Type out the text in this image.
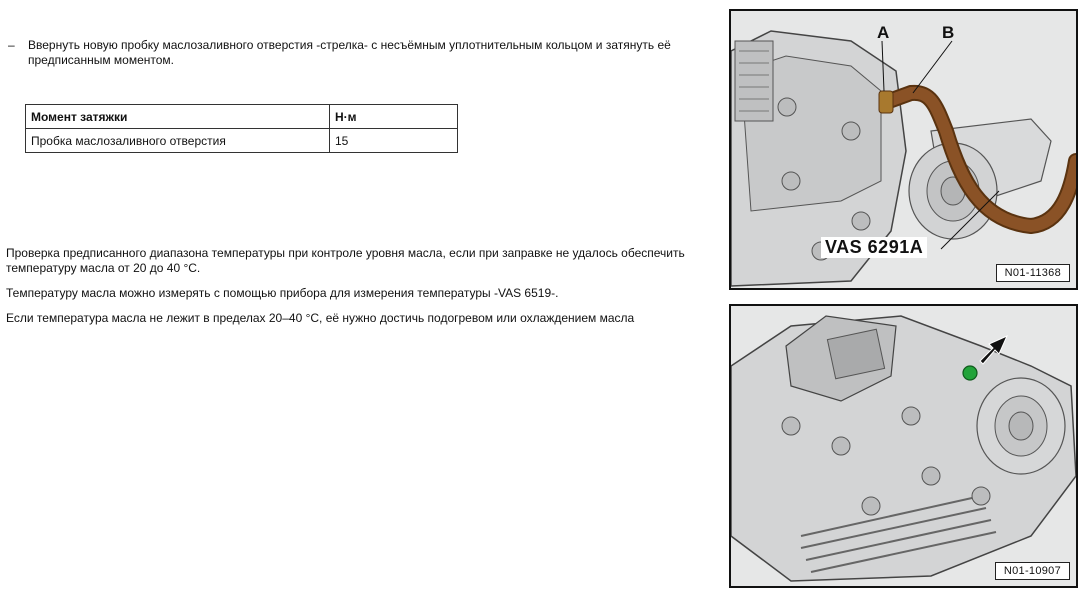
–	Ввернуть новую пробку маслозаливного отверстия -стрелка- с несъёмным уплотнительным кольцом и затянуть её предписанным моментом.
Момент затяжки	Н·м
Пробка маслозаливного отверстия	15
Проверка предписанного диапазона температуры при контроле уровня масла, если при заправке не удалось обеспечить температуру масла от 20 до 40 °С.
Температуру масла можно измерять с помощью прибора для измерения температуры -VAS 6519-.
Если температура масла не лежит в пределах 20–40 °С, её нужно достичь подогревом или охлаждением масла
A	B
VAS 6291A
N01-11368
N01-10907
